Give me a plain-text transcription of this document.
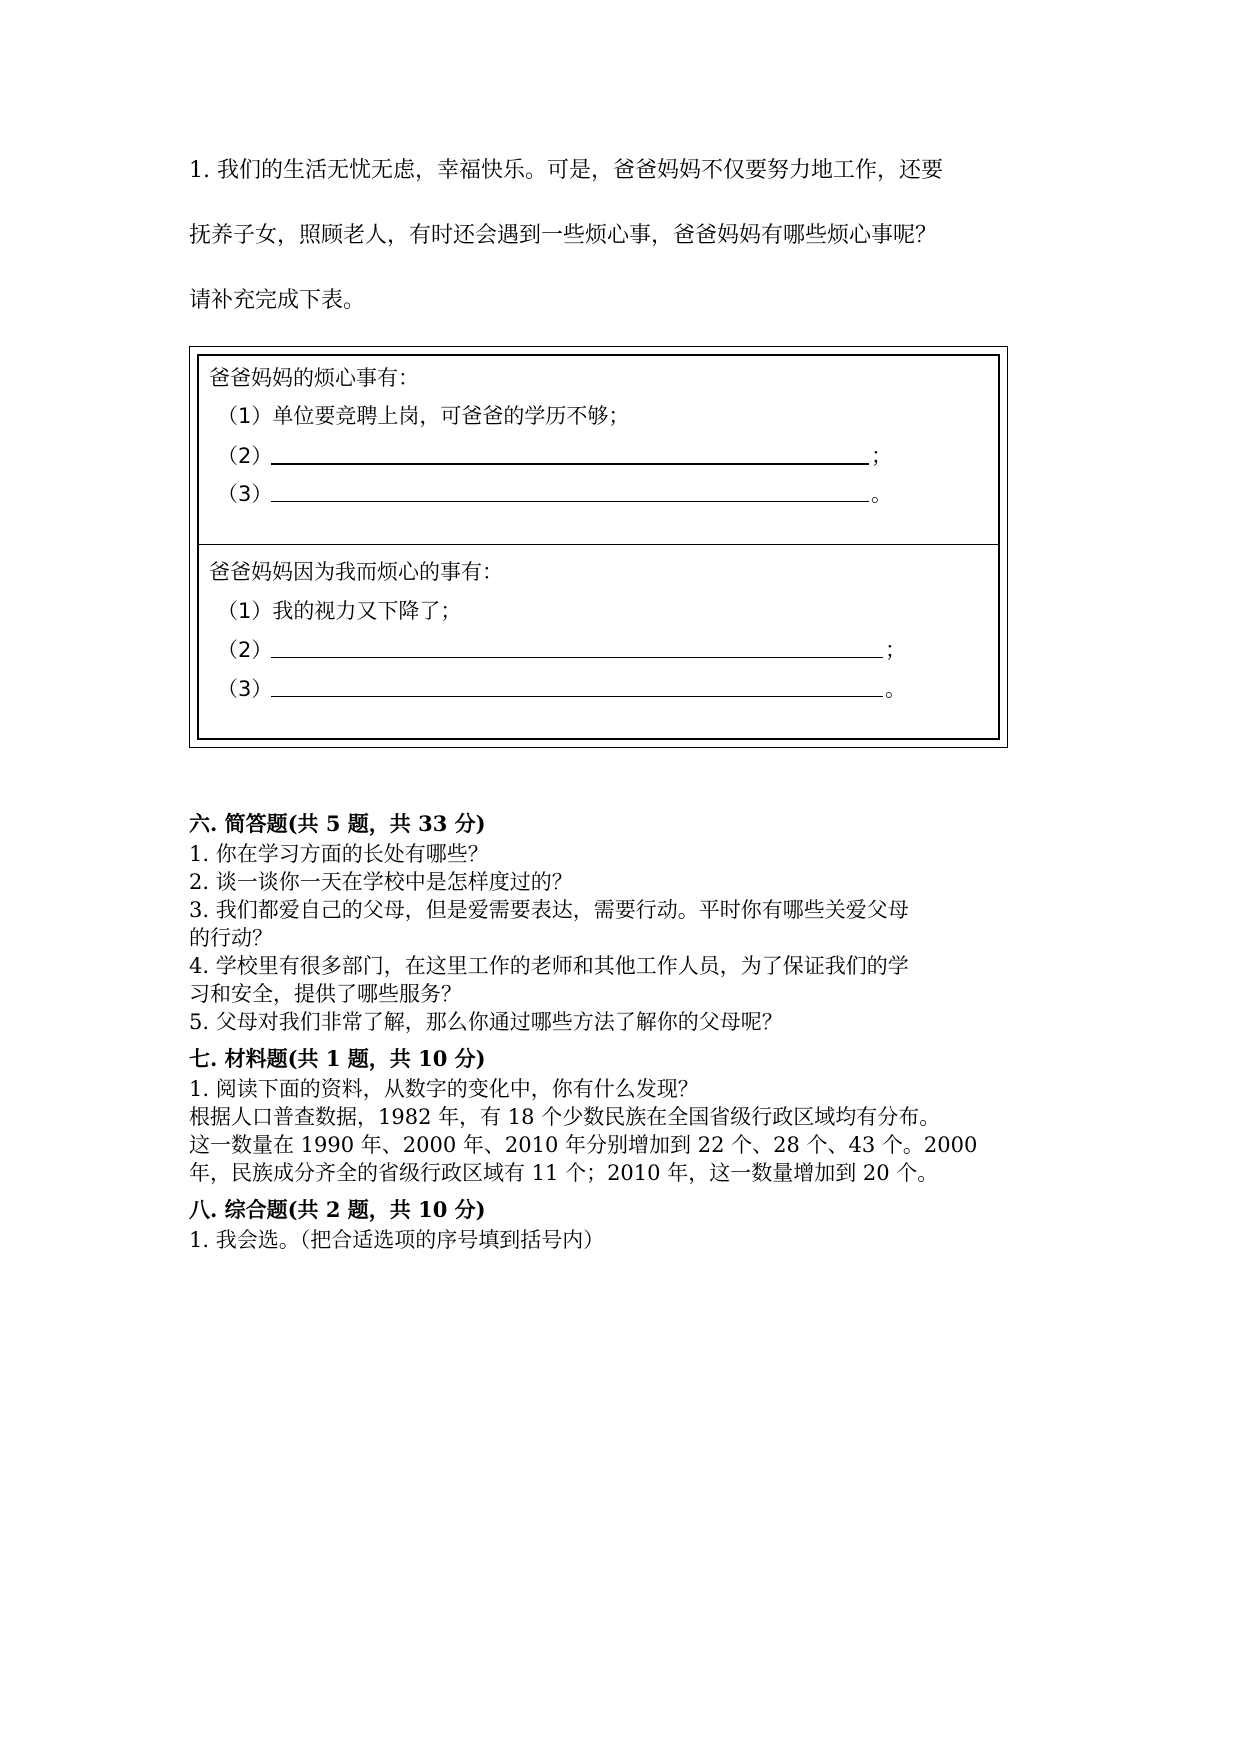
1. 我们的生活无忧无虑，幸福快乐。可是，爸爸妈妈不仅要努力地工作，还要

抚养子女，照顾老人，有时还会遇到一些烦心事，爸爸妈妈有哪些烦心事呢？

请补充完成下表。

爸爸妈妈的烦心事有：
（1）单位要竞聘上岗，可爸爸的学历不够；
（2）	；
（3）	。
爸爸妈妈因为我而烦心的事有：
（1）我的视力又下降了；
（2）	；
（3）	。

六. 简答题(共 5 题，共 33 分)

1. 你在学习方面的长处有哪些？

2. 谈一谈你一天在学校中是怎样度过的？

3. 我们都爱自己的父母，但是爱需要表达，需要行动。平时你有哪些关爱父母

的行动？

4. 学校里有很多部门，在这里工作的老师和其他工作人员，为了保证我们的学

习和安全，提供了哪些服务？

5. 父母对我们非常了解，那么你通过哪些方法了解你的父母呢？

七. 材料题(共 1 题，共 10 分)

1. 阅读下面的资料，从数字的变化中，你有什么发现？

根据人口普查数据，1982 年，有 18 个少数民族在全国省级行政区域均有分布。

这一数量在 1990 年、2000 年、2010 年分别增加到 22 个、28 个、43 个。2000

年，民族成分齐全的省级行政区域有 11 个；2010 年，这一数量增加到 20 个。

八. 综合题(共 2 题，共 10 分)

1. 我会选。（把合适选项的序号填到括号内）
